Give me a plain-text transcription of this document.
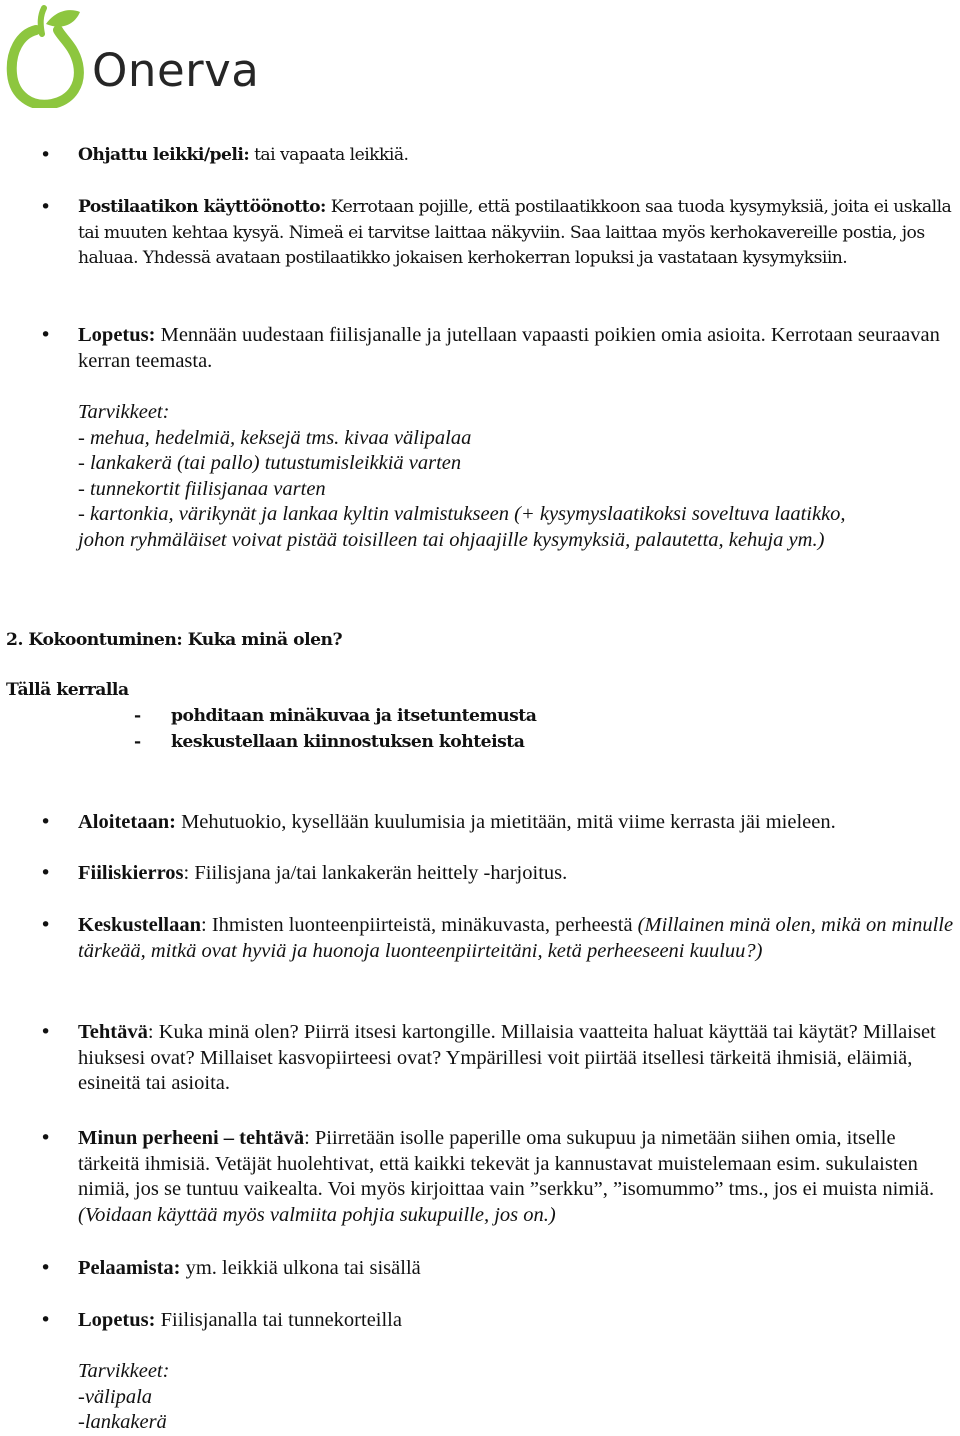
Onerva
• Ohjattu leikki/peli: tai vapaata leikkiä.
• Postilaatikon käyttöönotto: Kerrotaan pojille, että postilaatikkoon saa tuoda kysymyksiä, joita ei uskalla tai muuten kehtaa kysyä. Nimeä ei tarvitse laittaa näkyviin. Saa laittaa myös kerhokavereille postia, jos haluaa. Yhdessä avataan postilaatikko jokaisen kerhokerran lopuksi ja vastataan kysymyksiin.
• Lopetus: Mennään uudestaan fiilisjanalle ja jutellaan vapaasti poikien omia asioita. Kerrotaan seuraavan kerran teemasta.
Tarvikkeet:
- mehua, hedelmiä, keksejä tms. kivaa välipalaa
- lankakerä (tai pallo) tutustumisleikkiä varten
- tunnekortit fiilisjanaa varten
- kartonkia, värikynät ja lankaa kyltin valmistukseen (+ kysymyslaatikoksi soveltuva laatikko,
johon ryhmäläiset voivat pistää toisilleen tai ohjaajille kysymyksiä, palautetta, kehuja ym.)
2. Kokoontuminen: Kuka minä olen?
Tällä kerralla
- pohditaan minäkuvaa ja itsetuntemusta
- keskustellaan kiinnostuksen kohteista
• Aloitetaan: Mehutuokio, kysellään kuulumisia ja mietitään, mitä viime kerrasta jäi mieleen.
• Fiiliskierros: Fiilisjana ja/tai lankakerän heittely -harjoitus.
• Keskustellaan: Ihmisten luonteenpiirteistä, minäkuvasta, perheestä (Millainen minä olen, mikä on minulle tärkeää, mitkä ovat hyviä ja huonoja luonteenpiirteitäni, ketä perheeseeni kuuluu?)
• Tehtävä: Kuka minä olen? Piirrä itsesi kartongille. Millaisia vaatteita haluat käyttää tai käytät? Millaiset hiuksesi ovat? Millaiset kasvopiirteesi ovat? Ympärillesi voit piirtää itsellesi tärkeitä ihmisiä, eläimiä, esineitä tai asioita.
• Minun perheeni – tehtävä: Piirretään isolle paperille oma sukupuu ja nimetään siihen omia, itselle tärkeitä ihmisiä. Vetäjät huolehtivat, että kaikki tekevät ja kannustavat muistelemaan esim. sukulaisten nimiä, jos se tuntuu vaikealta. Voi myös kirjoittaa vain ”serkku”, ”isomummo” tms., jos ei muista nimiä. (Voidaan käyttää myös valmiita pohjia sukupuille, jos on.)
• Pelaamista: ym. leikkiä ulkona tai sisällä
• Lopetus: Fiilisjanalla tai tunnekorteilla
Tarvikkeet:
-välipala
-lankakerä
